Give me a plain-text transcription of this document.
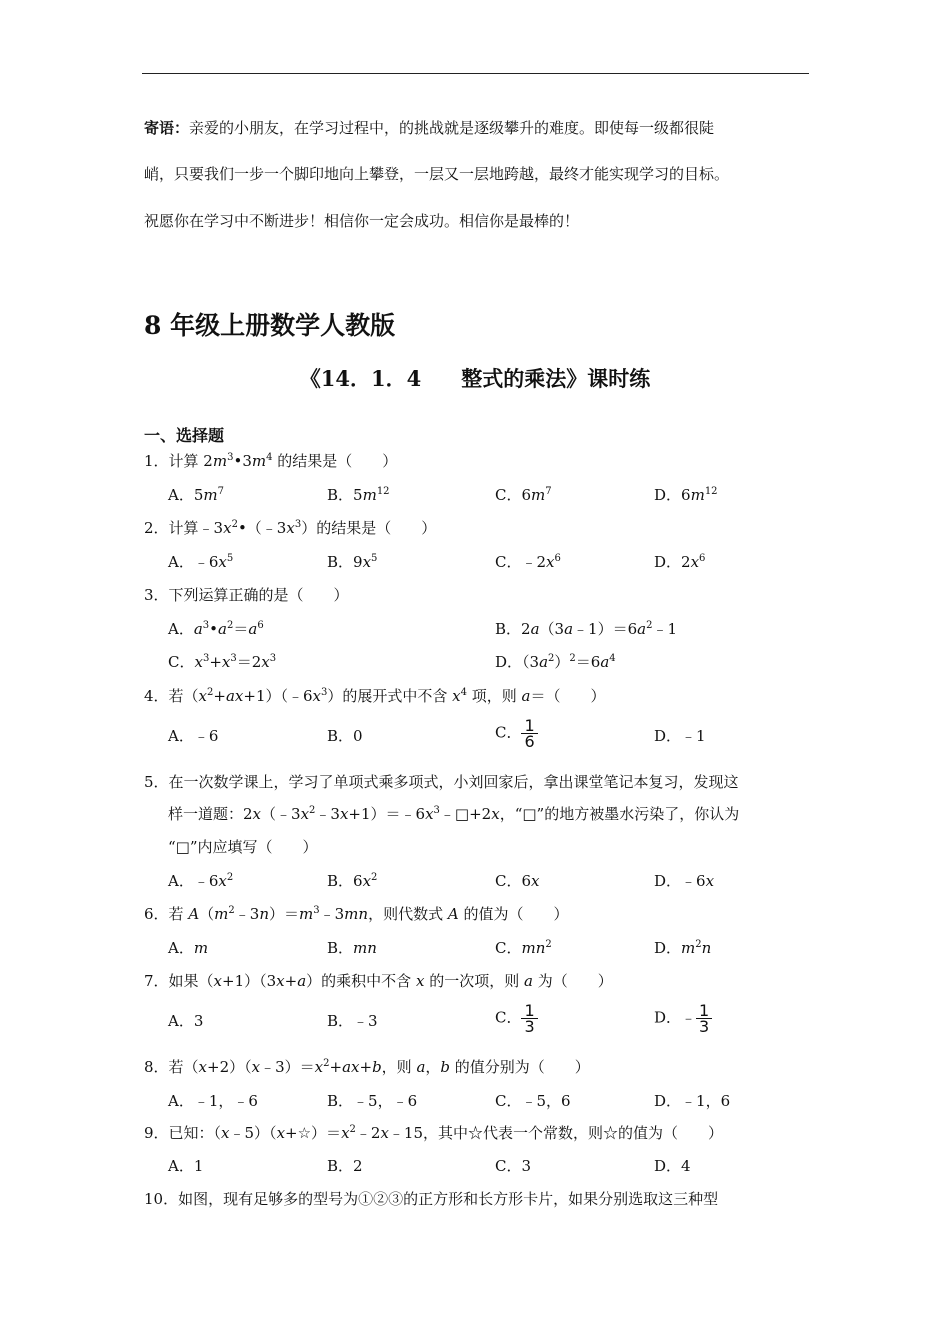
寄语：亲爱的小朋友，在学习过程中，的挑战就是逐级攀升的难度。即使每一级都很陡
峭，只要我们一步一个脚印地向上攀登，一层又一层地跨越，最终才能实现学习的目标。
祝愿你在学习中不断进步！相信你一定会成功。相信你是最棒的！
8 年级上册数学人教版
《14．1．4 整式的乘法》课时练
一、选择题
1．计算 $2m^3•3m^4$ 的结果是（　　）
A．$5m^7$	B．$5m^{12}$	C．$6m^7$	D．$6m^{12}$
2．计算$﹣3x^2•(﹣3x^3)$的结果是（　　）
A．$﹣6x^5$	B．$9x^5$	C．$﹣2x^6$	D．$2x^6$
3．下列运算正确的是（　　）
A．$a^3•a^2=a^6$	B．$2a(3a﹣1)=6a^2﹣1$
C．$x^3+x^3=2x^3$	D．$(3a^2)^2=6a^4$
4．若$(x^2+ax+1)(﹣6x^3)$的展开式中不含 $x^4$ 项，则 a＝（　　）
A．﹣6	B．0	C． $\frac{1}{6}$	D．﹣1
5．在一次数学课上，学习了单项式乘多项式，小刘回家后，拿出课堂笔记本复习，发现这
样一道题：$2x(﹣3x^2﹣3x+1)=﹣6x^3﹣□+2x$，“□”的地方被墨水污染了，你认为
“□”内应填写（　　）
A．$﹣6x^2$	B．$6x^2$	C．6x	D．﹣6x
6．若 $A(m^2﹣3n)=m^3﹣3mn$，则代数式 A 的值为（　　）
A．m	B．mn	C．$mn^2$	D．$m^2n$
7．如果（x+1）（3x+a）的乘积中不含 x 的一次项，则 a 为（　　）
A．3	B．﹣3	C． $\frac{1}{3}$	D．﹣ $\frac{1}{3}$
8．若$(x+2)(x﹣3)=x^2+ax+b$，则 a，b 的值分别为（　　）
A．﹣1，﹣6	B．﹣5，﹣6	C．﹣5，6	D．﹣1，6
9．已知：$(x﹣5)(x+☆)=x^2﹣2x﹣15$，其中☆代表一个常数，则☆的值为（　　）
A．1	B．2	C．3	D．4
10．如图，现有足够多的型号为①②③的正方形和长方形卡片，如果分别选取这三种型
